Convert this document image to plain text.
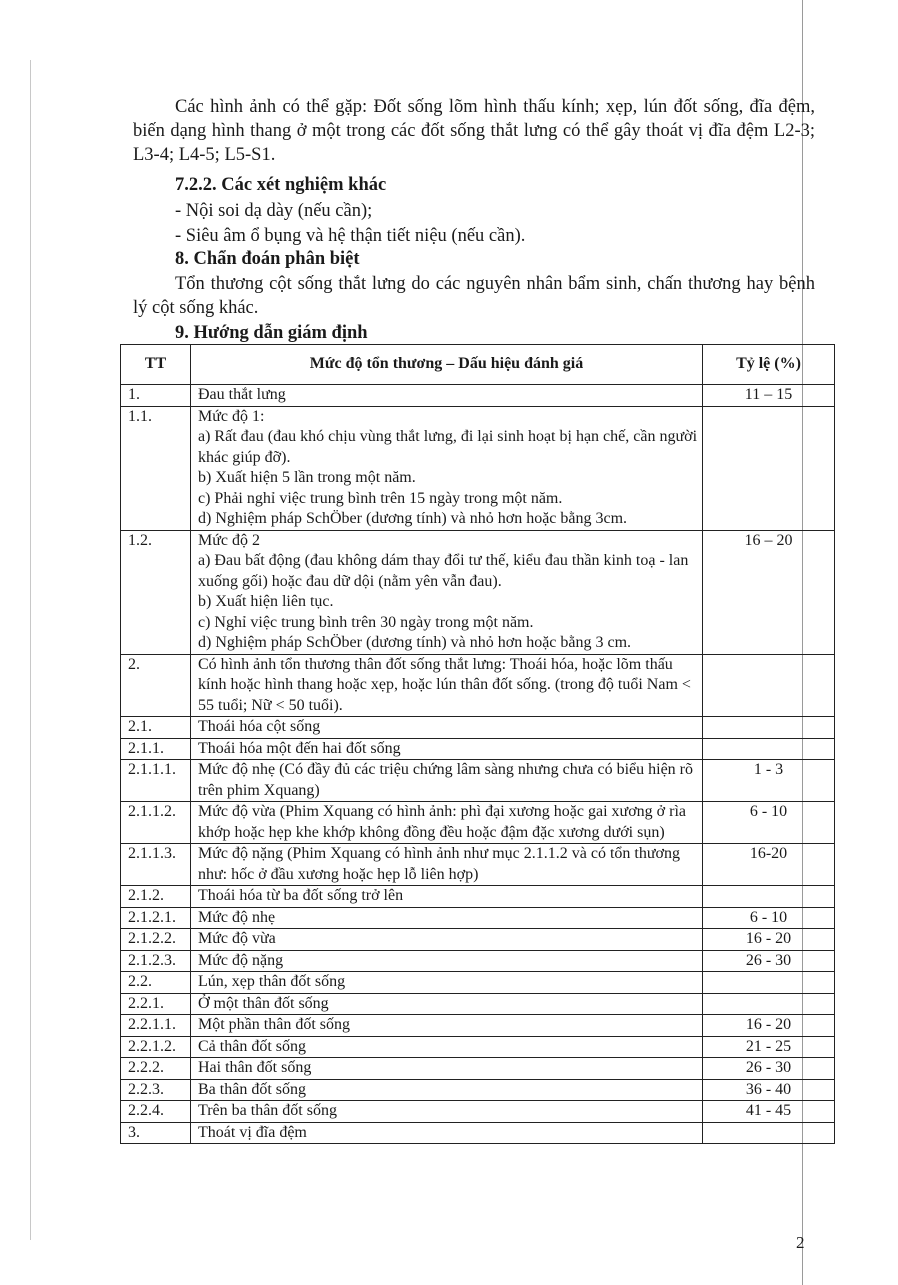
Các hình ảnh có thể gặp: Đốt sống lõm hình thấu kính; xẹp, lún đốt sống, đĩa đệm, biến dạng hình thang ở một trong các đốt sống thắt lưng có thể gây thoát vị đĩa đệm L2-3; L3-4; L4-5; L5-S1.

7.2.2. Các xét nghiệm khác

- Nội soi dạ dày (nếu cần);

- Siêu âm ổ bụng và hệ thận tiết niệu (nếu cần).

8. Chẩn đoán phân biệt

Tổn thương cột sống thắt lưng do các nguyên nhân bẩm sinh, chấn thương hay bệnh lý cột sống khác.

9. Hướng dẫn giám định

TT	Mức độ tổn thương – Dấu hiệu đánh giá	Tỷ lệ (%)
1.	Đau thắt lưng	11 – 15
1.1.	Mức độ 1:
a) Rất đau (đau khó chịu vùng thắt lưng, đi lại sinh hoạt bị hạn chế, cần người khác giúp đỡ).
b) Xuất hiện 5 lần trong một năm.
c) Phải nghỉ việc trung bình trên 15 ngày trong một năm.
d) Nghiệm pháp SchÖber (dương tính) và nhỏ hơn hoặc bằng 3cm.	
1.2.	Mức độ 2
a) Đau bất động (đau không dám thay đổi tư thế, kiểu đau thần kinh toạ - lan xuống gối) hoặc đau dữ dội (nằm yên vẫn đau).
b) Xuất hiện liên tục.
c) Nghỉ việc trung bình trên 30 ngày trong một năm.
d) Nghiệm pháp SchÖber (dương tính) và nhỏ hơn hoặc bằng 3 cm.	16 – 20
2.	Có hình ảnh tổn thương thân đốt sống thắt lưng: Thoái hóa, hoặc lõm thấu kính hoặc hình thang hoặc xẹp, hoặc lún thân đốt sống. (trong độ tuổi Nam < 55 tuổi; Nữ < 50 tuổi).	
2.1.	Thoái hóa cột sống	
2.1.1.	Thoái hóa một đến hai đốt sống	
2.1.1.1.	Mức độ nhẹ (Có đầy đủ các triệu chứng lâm sàng nhưng chưa có biểu hiện rõ trên phim Xquang)	1 - 3
2.1.1.2.	Mức độ vừa (Phim Xquang có hình ảnh: phì đại xương hoặc gai xương ở rìa khớp hoặc hẹp khe khớp không đồng đều hoặc đậm đặc xương dưới sụn)	6 - 10
2.1.1.3.	Mức độ nặng (Phim Xquang có hình ảnh như mục 2.1.1.2 và có tổn thương như: hốc ở đầu xương hoặc hẹp lỗ liên hợp)	16-20
2.1.2.	Thoái hóa từ ba đốt sống trở lên	
2.1.2.1.	Mức độ nhẹ	6 - 10
2.1.2.2.	Mức độ vừa	16 - 20
2.1.2.3.	Mức độ nặng	26 - 30
2.2.	Lún, xẹp thân đốt sống	
2.2.1.	Ở một thân đốt sống	
2.2.1.1.	Một phần thân đốt sống	16 - 20
2.2.1.2.	Cả thân đốt sống	21 - 25
2.2.2.	Hai thân đốt sống	26 - 30
2.2.3.	Ba thân đốt sống	36 - 40
2.2.4.	Trên ba thân đốt sống	41 - 45
3.	Thoát vị đĩa đệm	
2
